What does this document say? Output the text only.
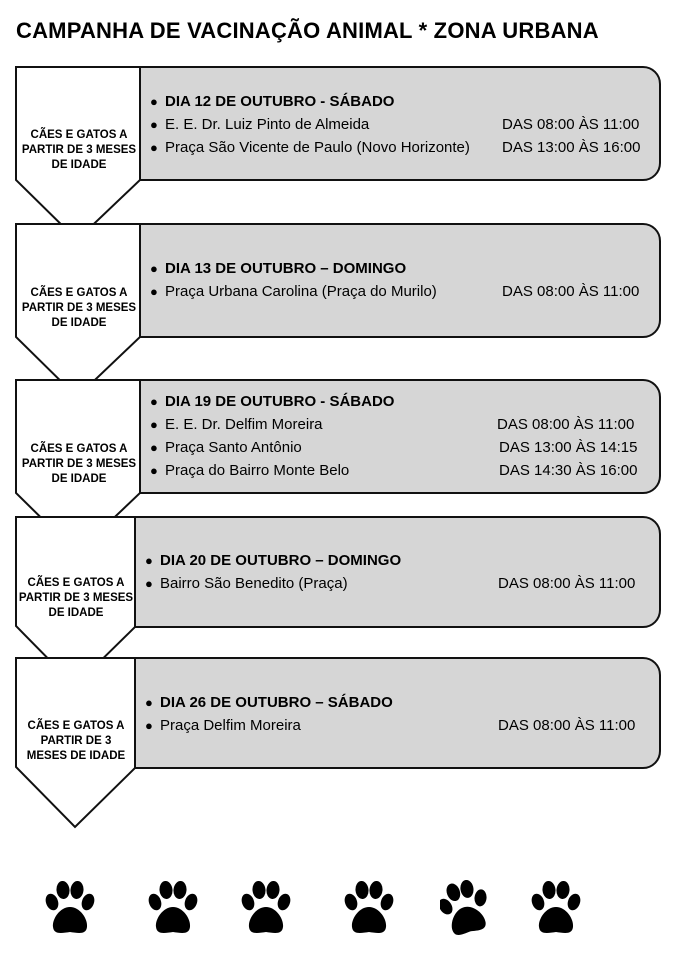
CAMPANHA DE VACINAÇÃO ANIMAL * ZONA URBANA
CÃES E GATOS A
PARTIR DE 3 MESES
DE IDADE
● DIA 12 DE OUTUBRO - SÁBADO
● E. E. Dr. Luiz Pinto de Almeida	DAS 08:00 ÀS 11:00
● Praça São Vicente de Paulo (Novo Horizonte) DAS 13:00 ÀS 16:00
CÃES E GATOS A
PARTIR DE 3 MESES
DE IDADE
● DIA 13 DE OUTUBRO – DOMINGO
● Praça Urbana Carolina (Praça do Murilo)	DAS 08:00 ÀS 11:00
CÃES E GATOS A
PARTIR DE 3 MESES
DE IDADE
● DIA 19 DE OUTUBRO - SÁBADO
● E. E. Dr. Delfim Moreira	DAS 08:00 ÀS 11:00
● Praça Santo Antônio	DAS 13:00 ÀS 14:15
● Praça do Bairro Monte Belo	DAS 14:30 ÀS 16:00
CÃES E GATOS A
PARTIR DE 3 MESES
DE IDADE
● DIA 20 DE OUTUBRO – DOMINGO
● Bairro São Benedito (Praça)	DAS 08:00 ÀS 11:00
CÃES E GATOS A
PARTIR DE 3
MESES DE IDADE
● DIA 26 DE OUTUBRO – SÁBADO
● Praça Delfim Moreira	DAS 08:00 ÀS 11:00
